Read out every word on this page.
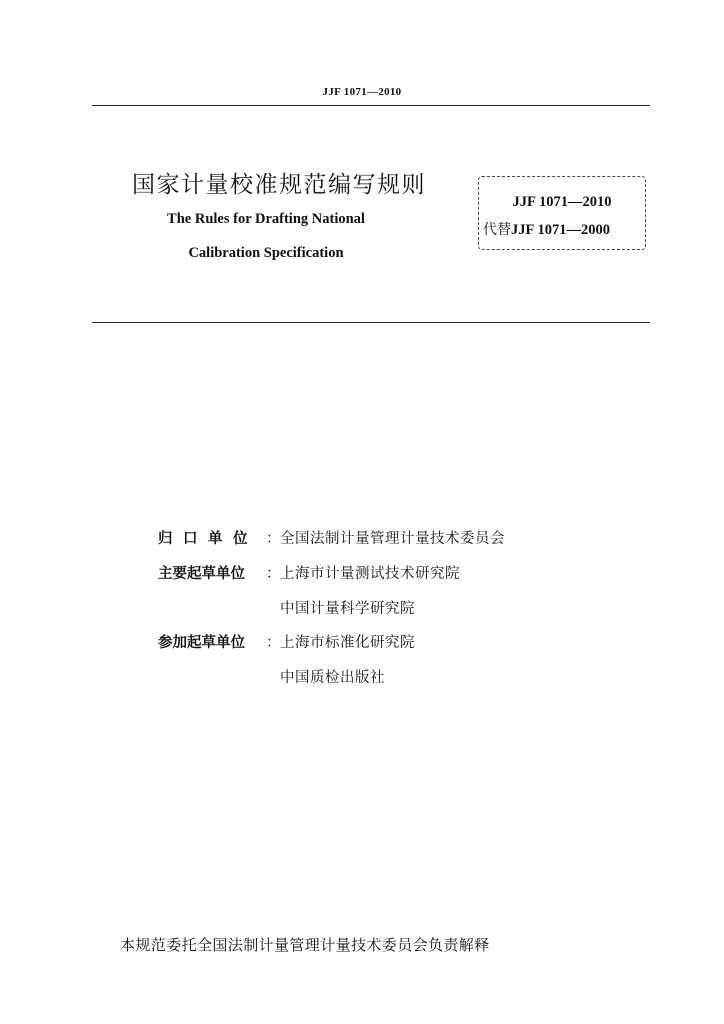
JJF 1071—2010
国家计量校准规范编写规则
The Rules for Drafting National
Calibration Specification
JJF 1071—2010
代替JJF 1071—2000
归口单位 ： 全国法制计量管理计量技术委员会
主要起草单位	： 上海市计量测试技术研究院
中国计量科学研究院
参加起草单位	： 上海市标准化研究院
中国质检出版社
本规范委托全国法制计量管理计量技术委员会负责解释
